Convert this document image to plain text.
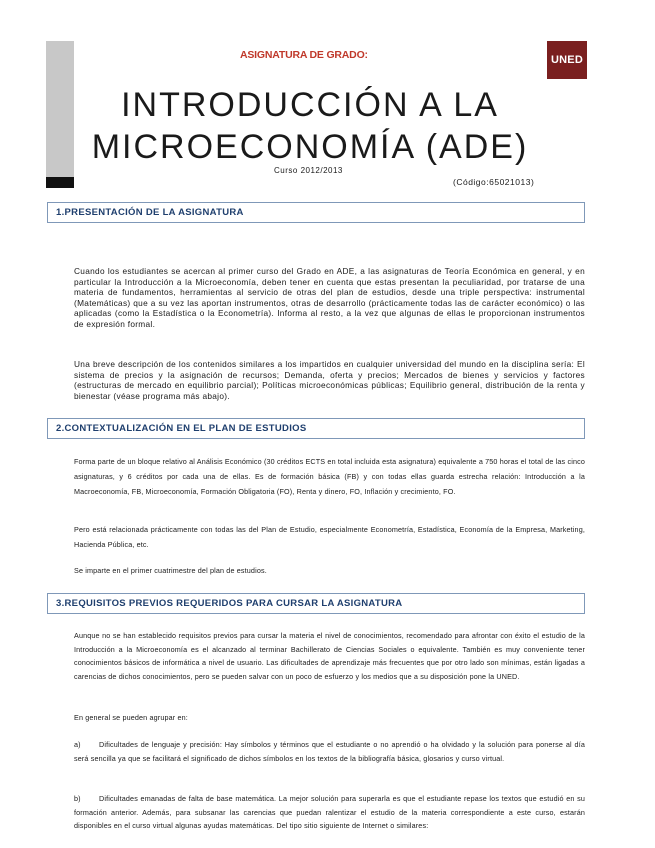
UNED
ASIGNATURA DE GRADO:
INTRODUCCIÓN A LA
MICROECONOMÍA (ADE)
Curso 2012/2013
(Código:65021013)
1.PRESENTACIÓN DE LA ASIGNATURA

Cuando los estudiantes se acercan al primer curso del Grado en ADE, a las asignaturas de Teoría Económica en general, y en particular la Introducción a la Microeconomía, deben tener en cuenta que estas presentan la peculiaridad, por tratarse de una materia de fundamentos, herramientas al servicio de otras del plan de estudios, desde una triple perspectiva: instrumental (Matemáticas) que a su vez las aportan instrumentos, otras de desarrollo (prácticamente todas las de carácter económico) o las aplicadas (como la Estadística o la Econometría). Informa al resto, a la vez que algunas de ellas le proporcionan instrumentos de expresión formal.

Una breve descripción de los contenidos similares a los impartidos en cualquier universidad del mundo en la disciplina sería: El sistema de precios y la asignación de recursos; Demanda, oferta y precios; Mercados de bienes y servicios y factores (estructuras de mercado en equilibrio parcial); Políticas microeconómicas públicas; Equilibrio general, distribución de la renta y bienestar (véase programa más abajo).

2.CONTEXTUALIZACIÓN EN EL PLAN DE ESTUDIOS

Forma parte de un bloque relativo al Análisis Económico (30 créditos ECTS en total incluida esta asignatura) equivalente a 750 horas el total de las cinco asignaturas, y 6 créditos por cada una de ellas. Es de formación básica (FB) y con todas ellas guarda estrecha relación: Introducción a la Macroeconomía, FB, Microeconomía, Formación Obligatoria (FO), Renta y dinero, FO, Inflación y crecimiento, FO.

Pero está relacionada prácticamente con todas las del Plan de Estudio, especialmente Econometría, Estadística, Economía de la Empresa, Marketing, Hacienda Pública, etc.

Se imparte en el primer cuatrimestre del plan de estudios.

3.REQUISITOS PREVIOS REQUERIDOS PARA CURSAR LA ASIGNATURA

Aunque no se han establecido requisitos previos para cursar la materia el nivel de conocimientos, recomendado para afrontar con éxito el estudio de la Introducción a la Microeconomía es el alcanzado al terminar Bachillerato de Ciencias Sociales o equivalente. También es muy conveniente tener conocimientos básicos de informática a nivel de usuario. Las dificultades de aprendizaje más frecuentes que por otro lado son mínimas, están ligadas a carencias de dichos conocimientos, pero se pueden salvar con un poco de esfuerzo y los medios que a su disposición pone la UNED.

En general se pueden agrupar en:

a)	Dificultades de lenguaje y precisión: Hay símbolos y términos que el estudiante o no aprendió o ha olvidado y la solución para ponerse al día será sencilla ya que se facilitará el significado de dichos símbolos en los textos de la bibliografía básica, glosarios y curso virtual.

b)	Dificultades emanadas de falta de base matemática. La mejor solución para superarla es que el estudiante repase los textos que estudió en su formación anterior. Además, para subsanar las carencias que puedan ralentizar el estudio de la materia correspondiente a este curso, estarán disponibles en el curso virtual algunas ayudas matemáticas. Del tipo sitio siguiente de Internet o similares:
